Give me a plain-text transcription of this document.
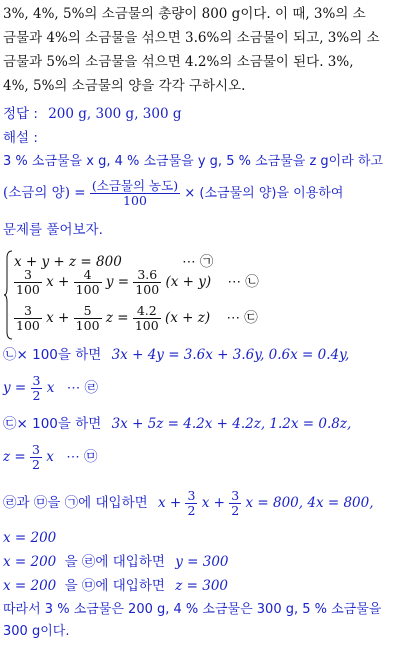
3%, 4%, 5%의 소금물의 총량이 800 g이다. 이 때, 3%의 소
금물과 4%의 소금물을 섞으면 3.6%의 소금물이 되고, 3%의 소
금물과 5%의 소금물을 섞으면 4.2%의 소금물이 된다. 3%,
4%, 5%의 소금물의 양을 각각 구하시오.
정답 : 200 g, 300 g, 300 g
해설 :
3 % 소금물을 x g, 4 % 소금물을 y g, 5 % 소금물을 z g이라 하고
(소금의 양) = $\frac{\text{(소금물의 농도)}}{100}$ × (소금물의 양)을 이용하여
문제를 풀어보자.
x + y + z = 800	⋯ ㉠
$\frac{3}{100}$ $x + \frac{4}{100}$ $y = \frac{3.6}{100} (x + y)$ ⋯ ㉡
$\frac{3}{100}$ $x + \frac{5}{100}$ $z = \frac{4.2}{100} (x + z)$ ⋯ ㉢
㉡× 100을 하면 3x + 4y = 3.6x + 3.6y, 0.6x = 0.4y,
$y = \frac{3}{2}$ x ⋯ ㉣
㉢× 100을 하면 3x + 5z = 4.2x + 4.2z, 1.2x = 0.8z,
$z = \frac{3}{2}$ x ⋯ ㉤
㉣과 ㉤을 ㉠에 대입하면 $x + \frac{3}{2}$ $x + \frac{3}{2}$ x = 800, 4x = 800,
x = 200
x = 200 을 ㉣에 대입하면 y = 300
x = 200 을 ㉤에 대입하면 z = 300
따라서 3 % 소금물은 200 g, 4 % 소금물은 300 g, 5 % 소금물을
300 g이다.
